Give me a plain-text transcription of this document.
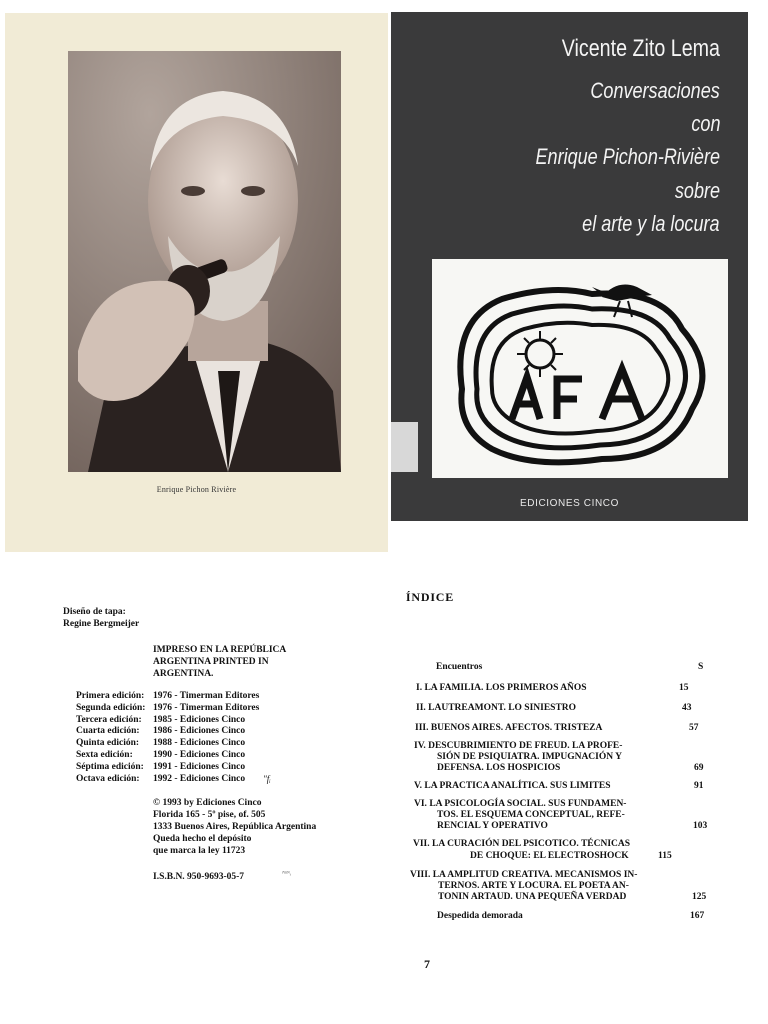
Enrique Pichon Rivière
Vicente Zito Lema
Conversaciones
con
Enrique Pichon-Rivière
sobre
el arte y la locura
EDICIONES CINCO
Diseño de tapa:
Regine Bergmeijer
IMPRESO EN LA REPÚBLICA ARGENTINA PRINTED IN ARGENTINA.
Primera edición: 1976 - Timerman Editores
Segunda edición: 1976 - Timerman Editores
Tercera edición: 1985 - Ediciones Cinco
Cuarta edición: 1986 - Ediciones Cinco
Quinta edición: 1988 - Ediciones Cinco
Sexta edición: 1990 - Ediciones Cinco
Séptima edición: 1991 - Ediciones Cinco
Octava edición: 1992 - Ediciones Cinco "fᵢ
© 1993 by Ediciones Cinco
Florida 165 - 5º pise, of. 505
1333 Buenos Aires, República Argentina
Queda hecho el depósito
que marca la ley 11723
I.S.B.N. 950-9693-05-7	ᶦ'ᵐᴺᵢ
ÍNDICE
Encuentros	S
I. LA FAMILIA. LOS PRIMEROS AÑOS	15
II. LAUTREAMONT. LO SINIESTRO	43
III. BUENOS AIRES. AFECTOS. TRISTEZA	57
IV. DESCUBRIMIENTO DE FREUD. LA PROFE-
SIÓN DE PSIQUIATRA. IMPUGNACIÓN Y
DEFENSA. LOS HOSPICIOS	69
V. LA PRACTICA ANALÍTICA. SUS LIMITES	91
VI. LA PSICOLOGÍA SOCIAL. SUS FUNDAMEN-
TOS. EL ESQUEMA CONCEPTUAL, REFE-
RENCIAL Y OPERATIVO	103
VII. LA CURACIÓN DEL PSICOTICO. TÉCNICAS
DE CHOQUE: EL ELECTROSHOCK	115
VIII. LA AMPLITUD CREATIVA. MECANISMOS IN-
TERNOS. ARTE Y LOCURA. EL POETA AN-
TONIN ARTAUD. UNA PEQUEÑA VERDAD	125
Despedida demorada	167
7
